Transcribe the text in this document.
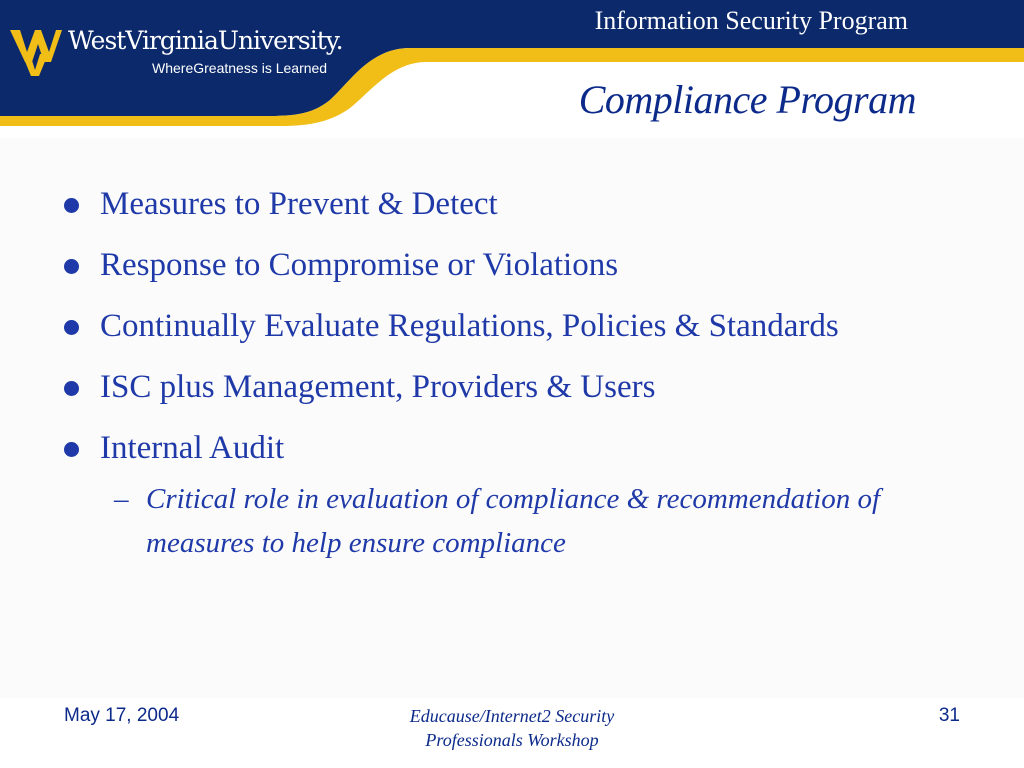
WestVirginiaUniversity.
WhereGreatness is Learned
Information Security Program
Compliance Program
Measures to Prevent & Detect
Response to Compromise or Violations
Continually Evaluate Regulations, Policies & Standards
ISC plus Management, Providers & Users
Internal Audit
– Critical role in evaluation of compliance & recommendation of measures to help ensure compliance
May 17, 2004	Educause/Internet2 Security
Professionals Workshop
31
